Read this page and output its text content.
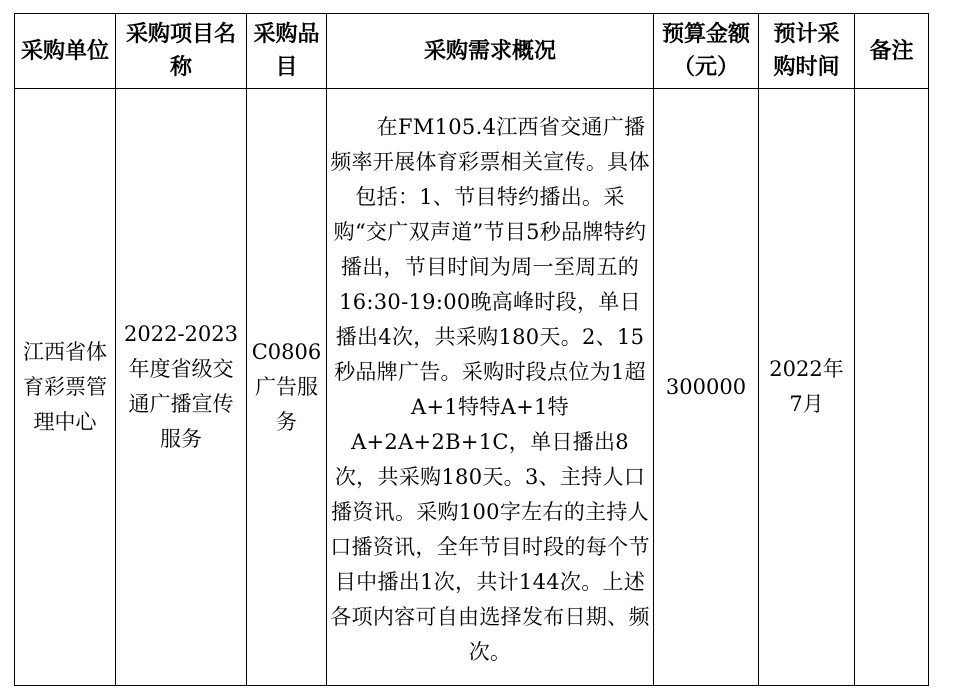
采购单位	采购项目名称	采购品目	采购需求概况	预算金额（元）	预计采购时间	备注

江西省体育彩票管理中心	2022-2023年度省级交通广播宣传服务	C0806广告服务	在FM105.4江西省交通广播频率开展体育彩票相关宣传。具体包括：1、节目特约播出。采购“交广双声道”节目5秒品牌特约播出，节目时间为周一至周五的16:30-19:00晚高峰时段，单日播出4次，共采购180天。2、15秒品牌广告。采购时段点位为1超A+1特特A+1特A+2A+2B+1C，单日播出8次，共采购180天。3、主持人口播资讯。采购100字左右的主持人口播资讯，全年节目时段的每个节目中播出1次，共计144次。上述各项内容可自由选择发布日期、频次。	300000	2022年7月	
